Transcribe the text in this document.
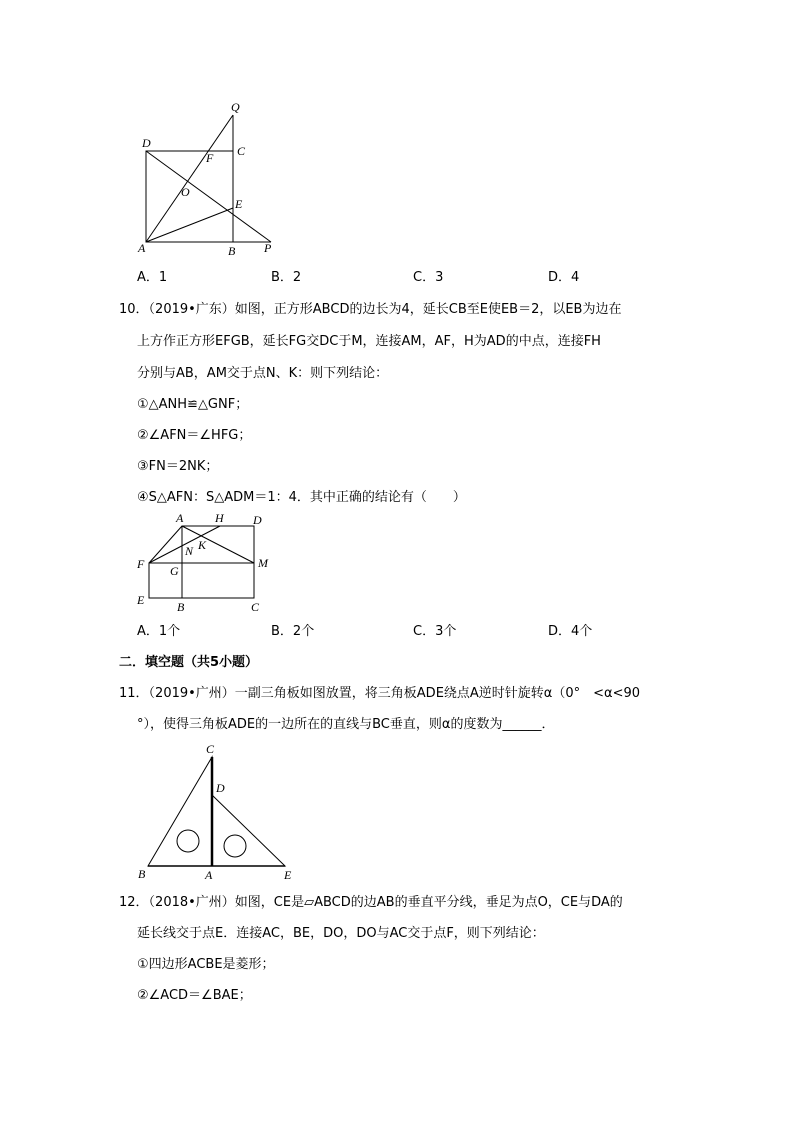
Q
D
C
F
O
E
A	B P
A．1	B．2	C．3	D．4
10．（2019•广东）如图，正方形ABCD的边长为4，延长CB至E使EB＝2，以EB为边在
上方作正方形EFGB，延长FG交DC于M，连接AM，AF，H为AD的中点，连接FH
分别与AB，AM交于点N、K：则下列结论：
①△ANH≌△GNF；
②∠AFN＝∠HFG；
③FN＝2NK；
④S△AFN：S△ADM＝1：4．其中正确的结论有（　　）
A	H D
N K
F	M
G
E	B	C
A．1个	B．2个	C．3个	D．4个
二．填空题（共5小题）
11．（2019•广州）一副三角板如图放置，将三角板ADE绕点A逆时针旋转α（0°　<α<90
°），使得三角板ADE的一边所在的直线与BC垂直，则α的度数为______．
C
D
B	A	E
12．（2018•广州）如图，CE是▱ABCD的边AB的垂直平分线，垂足为点O，CE与DA的
延长线交于点E．连接AC，BE，DO，DO与AC交于点F，则下列结论：
①四边形ACBE是菱形；
②∠ACD＝∠BAE；
